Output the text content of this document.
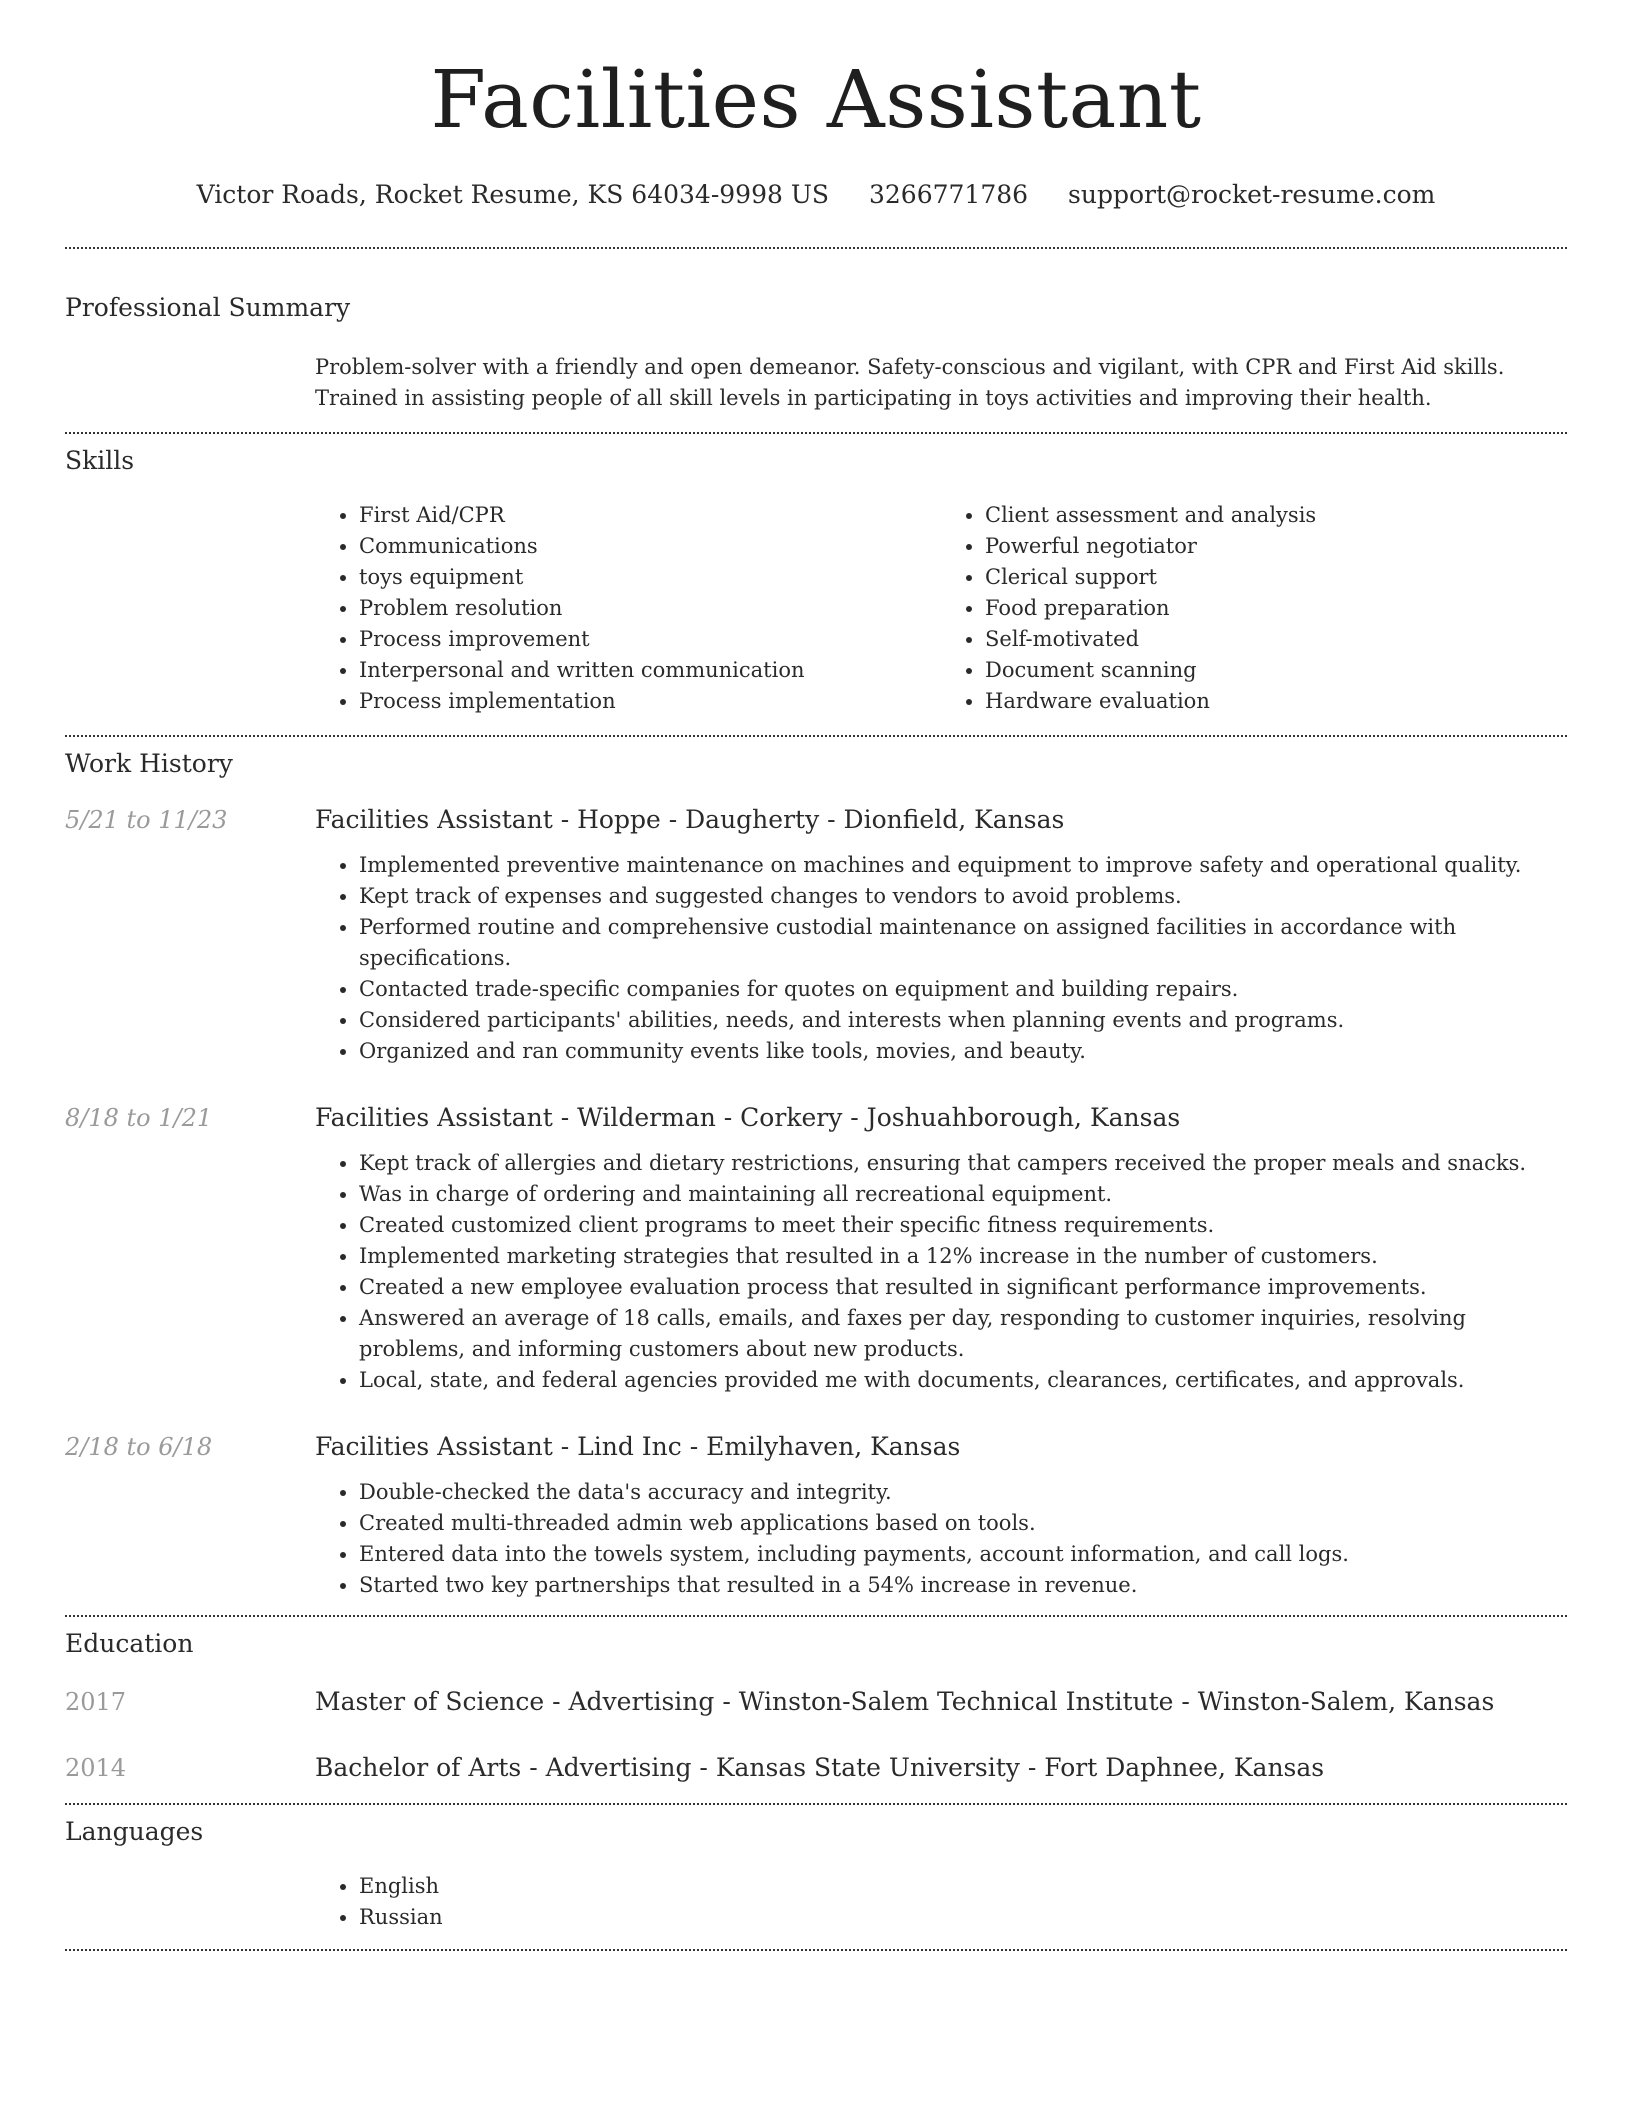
Facilities Assistant
Victor Roads, Rocket Resume, KS 64034-9998 US 3266771786 support@rocket-resume.com
Professional Summary
Problem-solver with a friendly and open demeanor. Safety-conscious and vigilant, with CPR and First Aid skills. Trained in assisting people of all skill levels in participating in toys activities and improving their health.
Skills
• First Aid/CPR
• Communications
• toys equipment
• Problem resolution
• Process improvement
• Interpersonal and written communication
• Process implementation
• Client assessment and analysis
• Powerful negotiator
• Clerical support
• Food preparation
• Self-motivated
• Document scanning
• Hardware evaluation
Work History
5/21 to 11/23	Facilities Assistant - Hoppe - Daugherty - Dionfield, Kansas
• Implemented preventive maintenance on machines and equipment to improve safety and operational quality.
• Kept track of expenses and suggested changes to vendors to avoid problems.
• Performed routine and comprehensive custodial maintenance on assigned facilities in accordance with specifications.
• Contacted trade-specific companies for quotes on equipment and building repairs.
• Considered participants' abilities, needs, and interests when planning events and programs.
• Organized and ran community events like tools, movies, and beauty.
8/18 to 1/21	Facilities Assistant - Wilderman - Corkery - Joshuahborough, Kansas
• Kept track of allergies and dietary restrictions, ensuring that campers received the proper meals and snacks.
• Was in charge of ordering and maintaining all recreational equipment.
• Created customized client programs to meet their specific fitness requirements.
• Implemented marketing strategies that resulted in a 12% increase in the number of customers.
• Created a new employee evaluation process that resulted in significant performance improvements.
• Answered an average of 18 calls, emails, and faxes per day, responding to customer inquiries, resolving problems, and informing customers about new products.
• Local, state, and federal agencies provided me with documents, clearances, certificates, and approvals.
2/18 to 6/18	Facilities Assistant - Lind Inc - Emilyhaven, Kansas
• Double-checked the data's accuracy and integrity.
• Created multi-threaded admin web applications based on tools.
• Entered data into the towels system, including payments, account information, and call logs.
• Started two key partnerships that resulted in a 54% increase in revenue.
Education
2017	Master of Science - Advertising - Winston-Salem Technical Institute - Winston-Salem, Kansas
2014	Bachelor of Arts - Advertising - Kansas State University - Fort Daphnee, Kansas
Languages
• English
• Russian
